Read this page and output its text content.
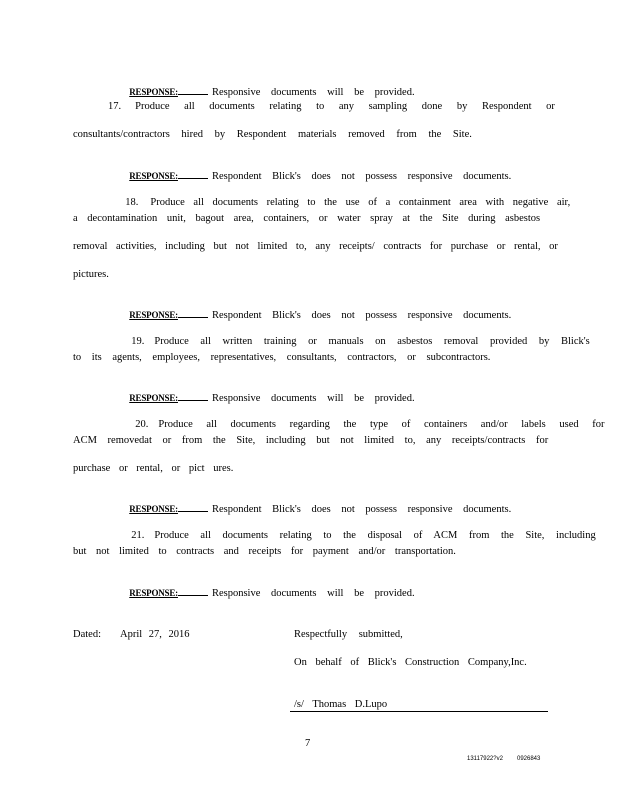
RESPONSE:	Responsive documents will be provided.

17. Produce all documents relating to any sampling done by Respondent or
consultants/contractors hired by Respondent materials removed from the Site.

RESPONSE:	Respondent Blick's does not possess responsive documents.

18. Produce all documents relating to the use of a containment area with negative air,

a decontamination unit, bagout area, containers, or water spray at the Site during asbestos
removal activities, including but not limited to, any receipts/ contracts for purchase or rental, or
pictures.

RESPONSE:	Respondent Blick's does not possess responsive documents.

19. Produce all written training or manuals on asbestos removal provided by Blick's

to its agents, employees, representatives, consultants, contractors, or subcontractors.

RESPONSE:	Responsive documents will be provided.

20. Produce all documents regarding the type of containers and/or labels used for

ACM removedat or from the Site, including but not limited to, any receipts/contracts for
purchase or rental, or pict ures.

RESPONSE:	Respondent Blick's does not possess responsive documents.

21. Produce all documents relating to the disposal of ACM from the Site, including

but not limited to contracts and receipts for payment and/or transportation.

RESPONSE:	Responsive documents will be provided.

Dated: April 27, 2016	Respectfully submitted,
On behalf of Blick's Construction Company,Inc.
/s/ Thomas D.Lupo
7
13117922?v2 0926843
